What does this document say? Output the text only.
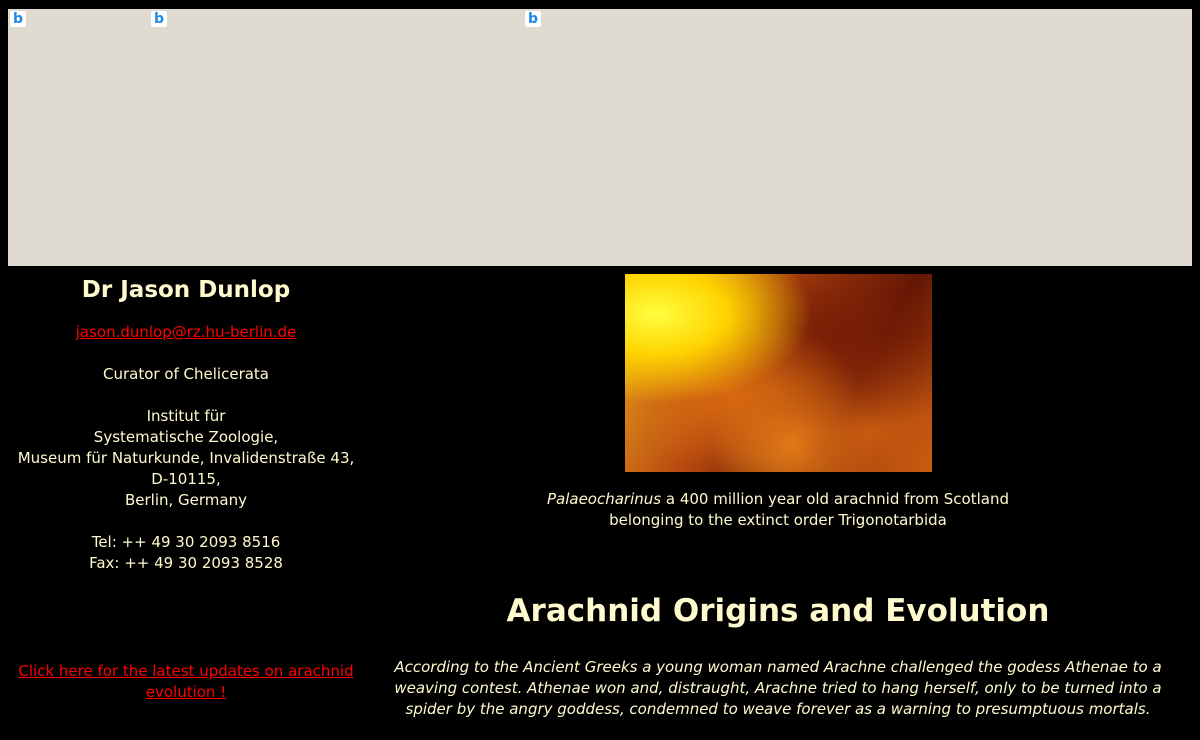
b	b	b
Dr Jason Dunlop
jason.dunlop@rz.hu-berlin.de
Curator of Chelicerata
Institut für
Systematische Zoologie,
Museum für Naturkunde, Invalidenstraße 43,
D-10115,
Berlin, Germany
Tel: ++ 49 30 2093 8516
Fax: ++ 49 30 2093 8528
Click here for the latest updates on arachnid evolution !
Palaeocharinus a 400 million year old arachnid from Scotland
belonging to the extinct order Trigonotarbida
Arachnid Origins and Evolution
According to the Ancient Greeks a young woman named Arachne challenged the godess Athenae to a weaving contest. Athenae won and, distraught, Arachne tried to hang herself, only to be turned into a spider by the angry goddess, condemned to weave forever as a warning to presumptuous mortals.
